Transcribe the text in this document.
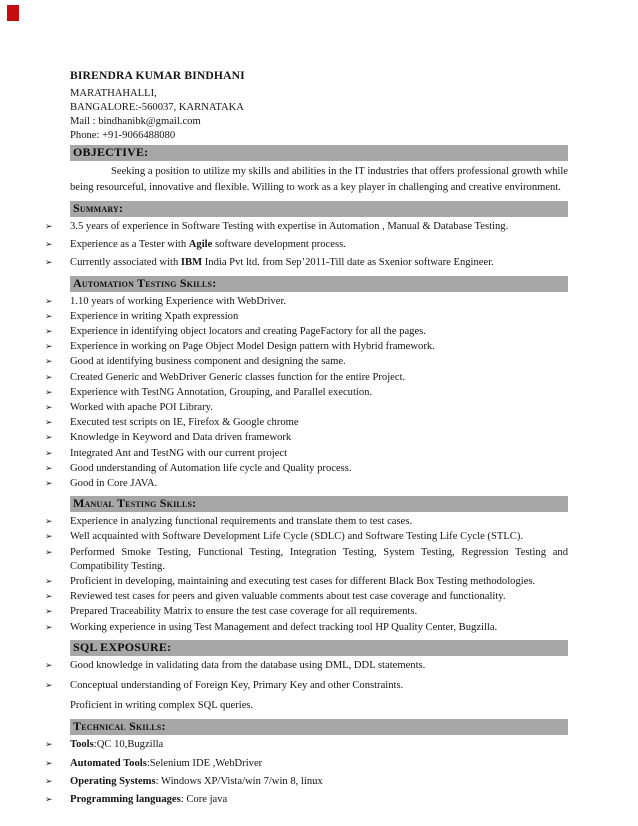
BIRENDRA KUMAR BINDHANI
MARATHAHALLI,
BANGALORE:-560037, KARNATAKA
Mail : bindhanibk@gmail.com
Phone: +91-9066488080
OBJECTIVE:

Seeking a position to utilize my skills and abilities in the IT industries that offers professional growth while being resourceful, innovative and flexible. Willing to work as a key player in challenging and creative environment.

Summary:
➢	3.5 years of experience in Software Testing with expertise in Automation , Manual & Database Testing.
➢	Experience as a Tester with Agile software development process.
➢	Currently associated with IBM India Pvt ltd. from Sep’2011-Till date as Sxenior software Engineer.
Automation Testing Skills:
➢	1.10 years of working Experience with WebDriver.
➢	Experience in writing Xpath expression
➢	Experience in identifying object locators and creating PageFactory for all the pages.
➢	Experience in working on Page Object Model Design pattern with Hybrid framework.
➢	Good at identifying business component and designing the same.
➢	Created Generic and WebDriver Generic classes function for the entire Project.
➢	Experience with TestNG Annotation, Grouping, and Parallel execution.
➢	Worked with apache POI Library.
➢	Executed test scripts on IE, Firefox & Google chrome
➢	Knowledge in Keyword and Data driven framework
➢	Integrated Ant and TestNG with our current project
➢	Good understanding of Automation life cycle and Quality process.
➢	Good in Core JAVA.
Manual Testing Skills:
➢	Experience in analyzing functional requirements and translate them to test cases.
➢	Well acquainted with Software Development Life Cycle (SDLC) and Software Testing Life Cycle (STLC).
➢	Performed Smoke Testing, Functional Testing, Integration Testing, System Testing, Regression Testing and Compatibility Testing.
➢	Proficient in developing, maintaining and executing test cases for different Black Box Testing methodologies.
➢	Reviewed test cases for peers and given valuable comments about test case coverage and functionality.
➢	Prepared Traceability Matrix to ensure the test case coverage for all requirements.
➢	Working experience in using Test Management and defect tracking tool HP Quality Center, Bugzilla.
SQL EXPOSURE:
➢	Good knowledge in validating data from the database using DML, DDL statements.
➢	Conceptual understanding of Foreign Key, Primary Key and other Constraints.
Proficient in writing complex SQL queries.
Technical Skills:
➢	Tools:QC 10,Bugzilla
➢	Automated Tools:Selenium IDE ,WebDriver
➢	Operating Systems: Windows XP/Vista/win 7/win 8, linux
➢	Programming languages: Core java
